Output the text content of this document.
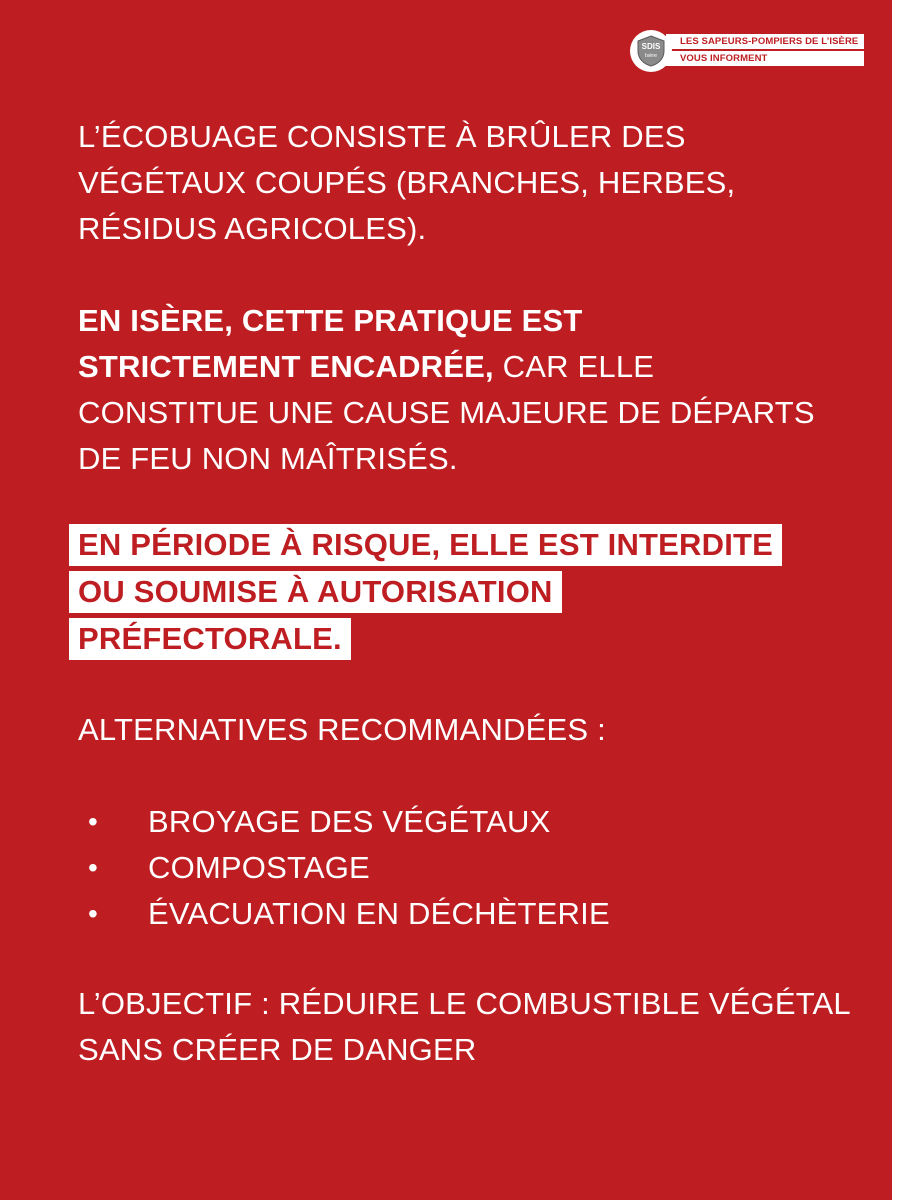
SDIS
Isère
LES SAPEURS-POMPIERS DE L’ISÈRE
VOUS INFORMENT
L’ÉCOBUAGE CONSISTE À BRÛLER DES
VÉGÉTAUX COUPÉS (BRANCHES, HERBES,
RÉSIDUS AGRICOLES).
EN ISÈRE, CETTE PRATIQUE EST
STRICTEMENT ENCADRÉE, CAR ELLE
CONSTITUE UNE CAUSE MAJEURE DE DÉPARTS
DE FEU NON MAÎTRISÉS.
EN PÉRIODE À RISQUE, ELLE EST INTERDITE
OU SOUMISE À AUTORISATION
PRÉFECTORALE.
ALTERNATIVES RECOMMANDÉES :
•	BROYAGE DES VÉGÉTAUX
•	COMPOSTAGE
•	ÉVACUATION EN DÉCHÈTERIE
L’OBJECTIF : RÉDUIRE LE COMBUSTIBLE VÉGÉTAL
SANS CRÉER DE DANGER
